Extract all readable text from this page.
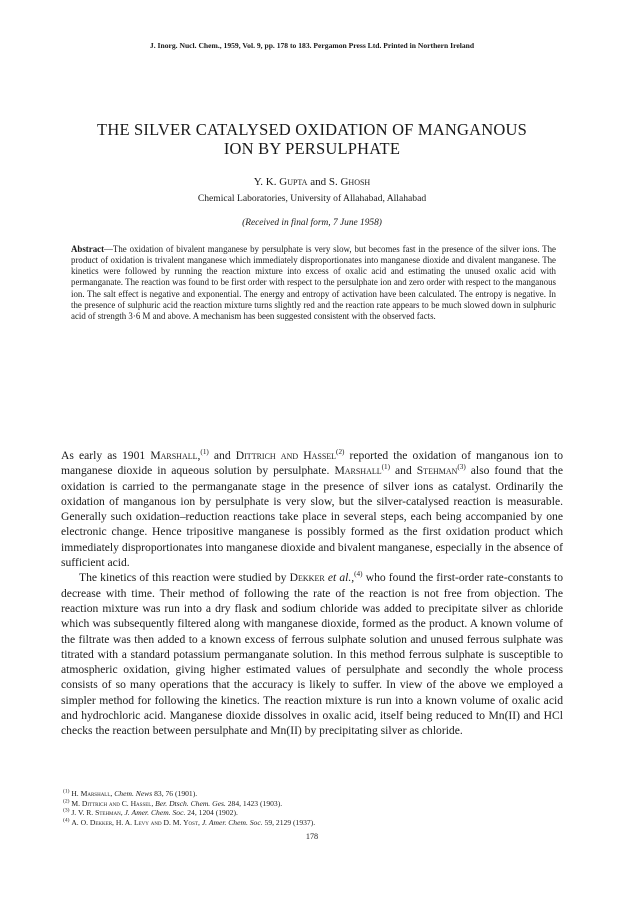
J. Inorg. Nucl. Chem., 1959, Vol. 9, pp. 178 to 183. Pergamon Press Ltd. Printed in Northern Ireland
THE SILVER CATALYSED OXIDATION OF MANGANOUS
ION BY PERSULPHATE
Y. K. Gupta and S. Ghosh
Chemical Laboratories, University of Allahabad, Allahabad
(Received in final form, 7 June 1958)

Abstract—The oxidation of bivalent manganese by persulphate is very slow, but becomes fast in the presence of the silver ions. The product of oxidation is trivalent manganese which immediately disproportionates into manganese dioxide and divalent manganese. The kinetics were followed by running the reaction mixture into excess of oxalic acid and estimating the unused oxalic acid with permanganate. The reaction was found to be first order with respect to the persulphate ion and zero order with respect to the manganous ion. The salt effect is negative and exponential. The energy and entropy of activation have been calculated. The entropy is negative. In the presence of sulphuric acid the reaction mixture turns slightly red and the reaction rate appears to be much slowed down in sulphuric acid of strength 3·6 M and above. A mechanism has been suggested consistent with the observed facts.

As early as 1901 Marshall,$^{(1)}$ and Dittrich and Hassel$^{(2)}$ reported the oxidation of manganous ion to manganese dioxide in aqueous solution by persulphate. Marshall$^{(1)}$ and Stehman$^{(3)}$ also found that the oxidation is carried to the permanganate stage in the presence of silver ions as catalyst. Ordinarily the oxidation of manganous ion by persulphate is very slow, but the silver-catalysed reaction is measurable. Generally such oxidation–reduction reactions take place in several steps, each being accompanied by one electronic change. Hence tripositive manganese is possibly formed as the first oxidation product which immediately disproportionates into manganese dioxide and bivalent manganese, especially in the absence of sufficient acid.

The kinetics of this reaction were studied by Dekker et al.,$^{(4)}$ who found the first-order rate-constants to decrease with time. Their method of following the rate of the reaction is not free from objection. The reaction mixture was run into a dry flask and sodium chloride was added to precipitate silver as chloride which was subsequently filtered along with manganese dioxide, formed as the product. A known volume of the filtrate was then added to a known excess of ferrous sulphate solution and unused ferrous sulphate was titrated with a standard potassium permanganate solution. In this method ferrous sulphate is susceptible to atmospheric oxidation, giving higher estimated values of persulphate and secondly the whole process consists of so many operations that the accuracy is likely to suffer. In view of the above we employed a simpler method for following the kinetics. The reaction mixture is run into a known volume of oxalic acid and hydrochloric acid. Manganese dioxide dissolves in oxalic acid, itself being reduced to Mn(II) and HCl checks the reaction between persulphate and Mn(II) by precipitating silver as chloride.

$^{(1)}$ H. Marshall, Chem. News 83, 76 (1901).
$^{(2)}$ M. Dittrich and C. Hassel, Ber. Dtsch. Chem. Ges. 284, 1423 (1903).
$^{(3)}$ J. V. R. Stehman, J. Amer. Chem. Soc. 24, 1204 (1902).
$^{(4)}$ A. O. Dekker, H. A. Levy and D. M. Yost, J. Amer. Chem. Soc. 59, 2129 (1937).
178
